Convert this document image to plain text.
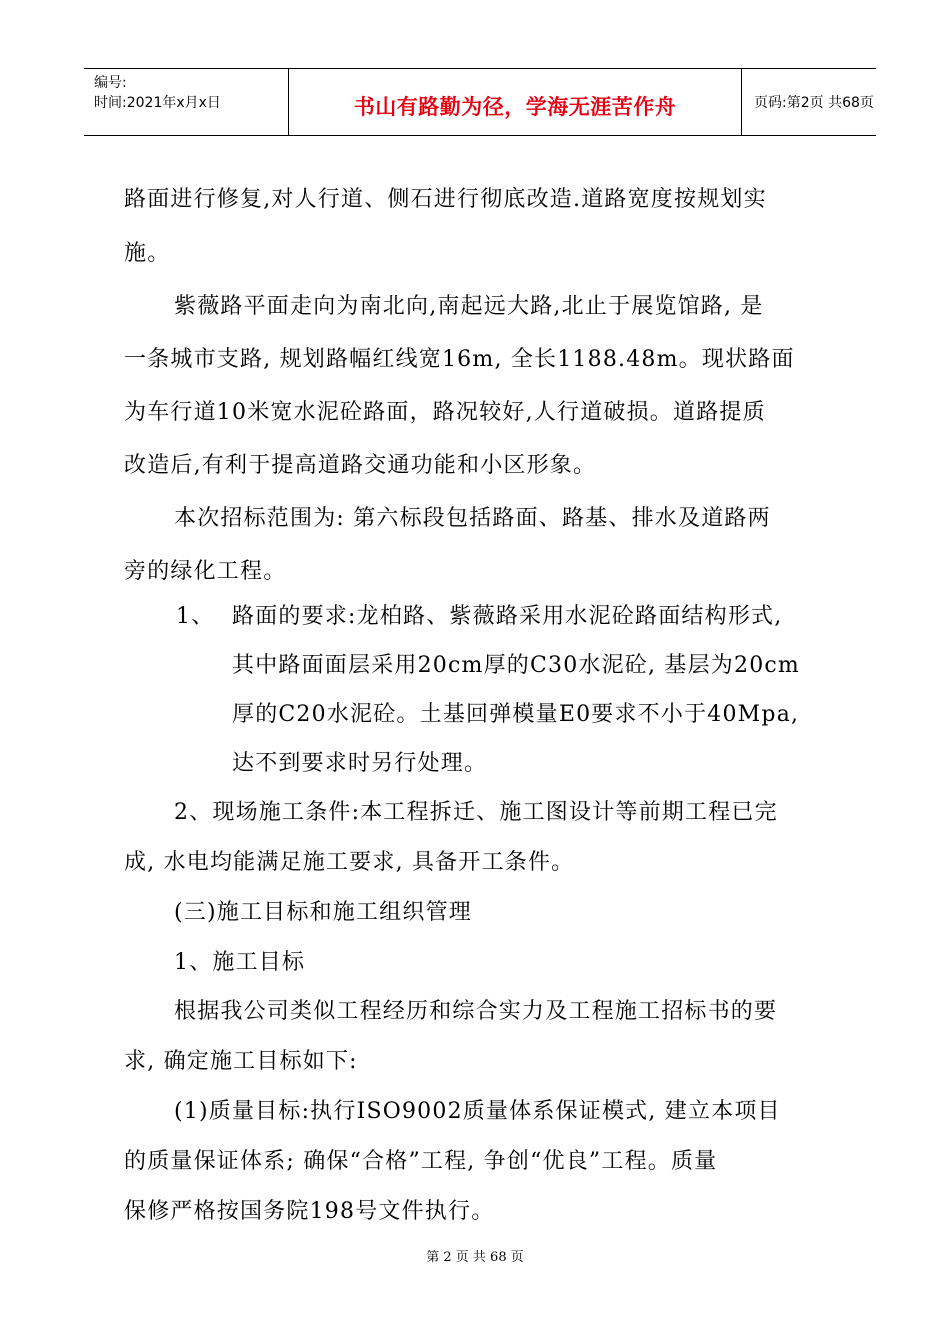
编号:
时间:2021年x月x日	书山有路勤为径，学海无涯苦作舟	页码:第2页 共68页
路面进行修复,对人行道、侧石进行彻底改造.道路宽度按规划实
施。
紫薇路平面走向为南北向,南起远大路,北止于展览馆路, 是
一条城市支路, 规划路幅红线宽16m, 全长1188.48m。现状路面
为车行道10米宽水泥砼路面，路况较好,人行道破损。道路提质
改造后,有利于提高道路交通功能和小区形象。
本次招标范围为: 第六标段包括路面、路基、排水及道路两
旁的绿化工程。
1、 路面的要求:龙柏路、紫薇路采用水泥砼路面结构形式,
其中路面面层采用20cm厚的C30水泥砼, 基层为20cm
厚的C20水泥砼。土基回弹模量E0要求不小于40Mpa,
达不到要求时另行处理。
2、现场施工条件:本工程拆迁、施工图设计等前期工程已完
成, 水电均能满足施工要求, 具备开工条件。
(三)施工目标和施工组织管理
1、施工目标
根据我公司类似工程经历和综合实力及工程施工招标书的要
求, 确定施工目标如下:
(1)质量目标:执行ISO9002质量体系保证模式, 建立本项目
的质量保证体系; 确保“合格”工程, 争创“优良”工程。质量
保修严格按国务院198号文件执行。
第 2 页 共 68 页
